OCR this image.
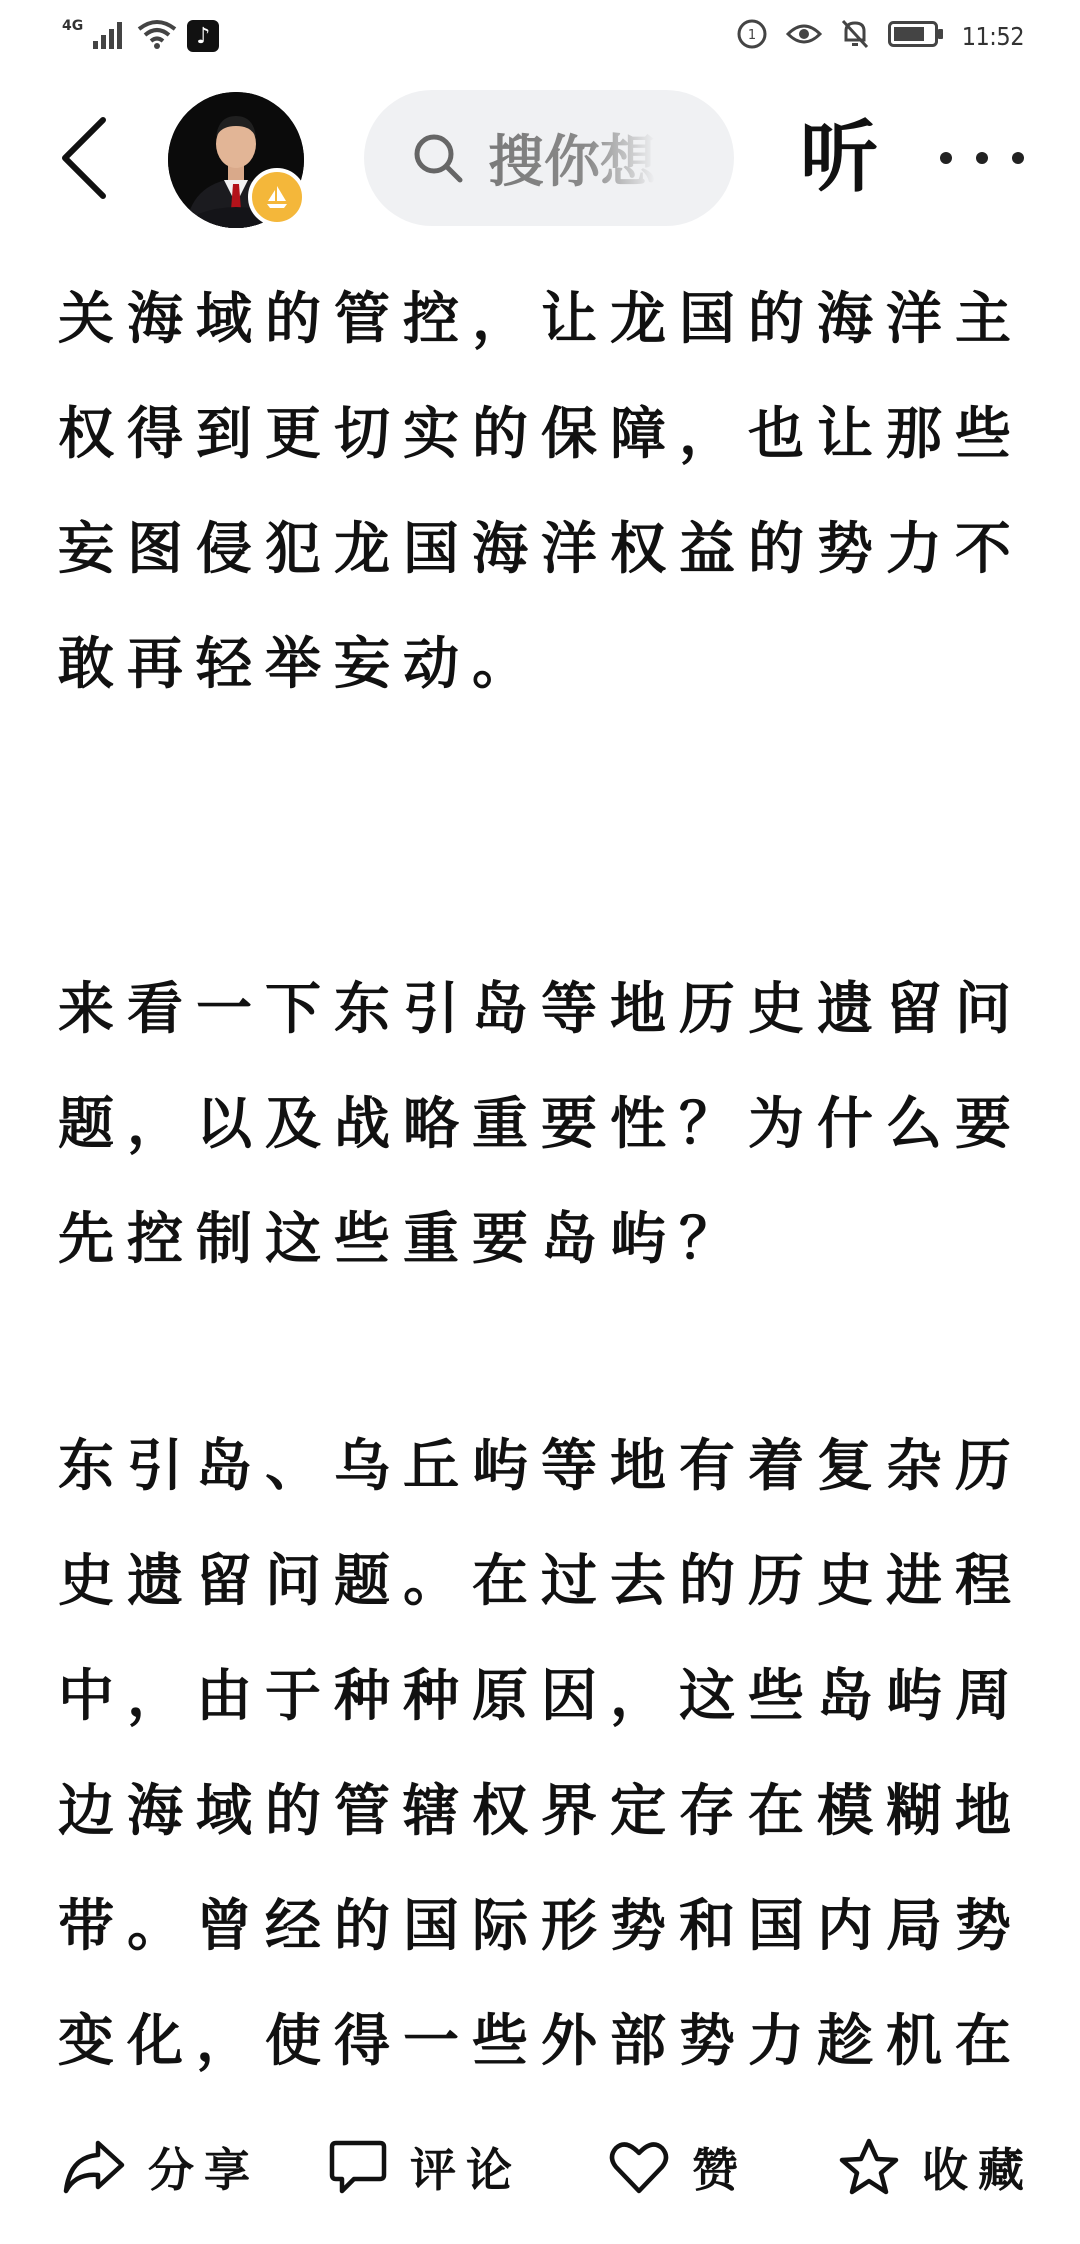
4G	♪	1	11:52
搜你想 听

关海域的管控，让龙国的海洋主权得到更切实的保障，也让那些妄图侵犯龙国海洋权益的势力不敢再轻举妄动。

来看一下东引岛等地历史遗留问题，以及战略重要性？为什么要先控制这些重要岛屿？

东引岛、乌丘屿等地有着复杂历史遗留问题。在过去的历史进程中，由于种种原因，这些岛屿周边海域的管辖权界定存在模糊地带。曾经的国际形势和国内局势变化，使得一些外部势力趁机在

分享	评论	赞	收藏
